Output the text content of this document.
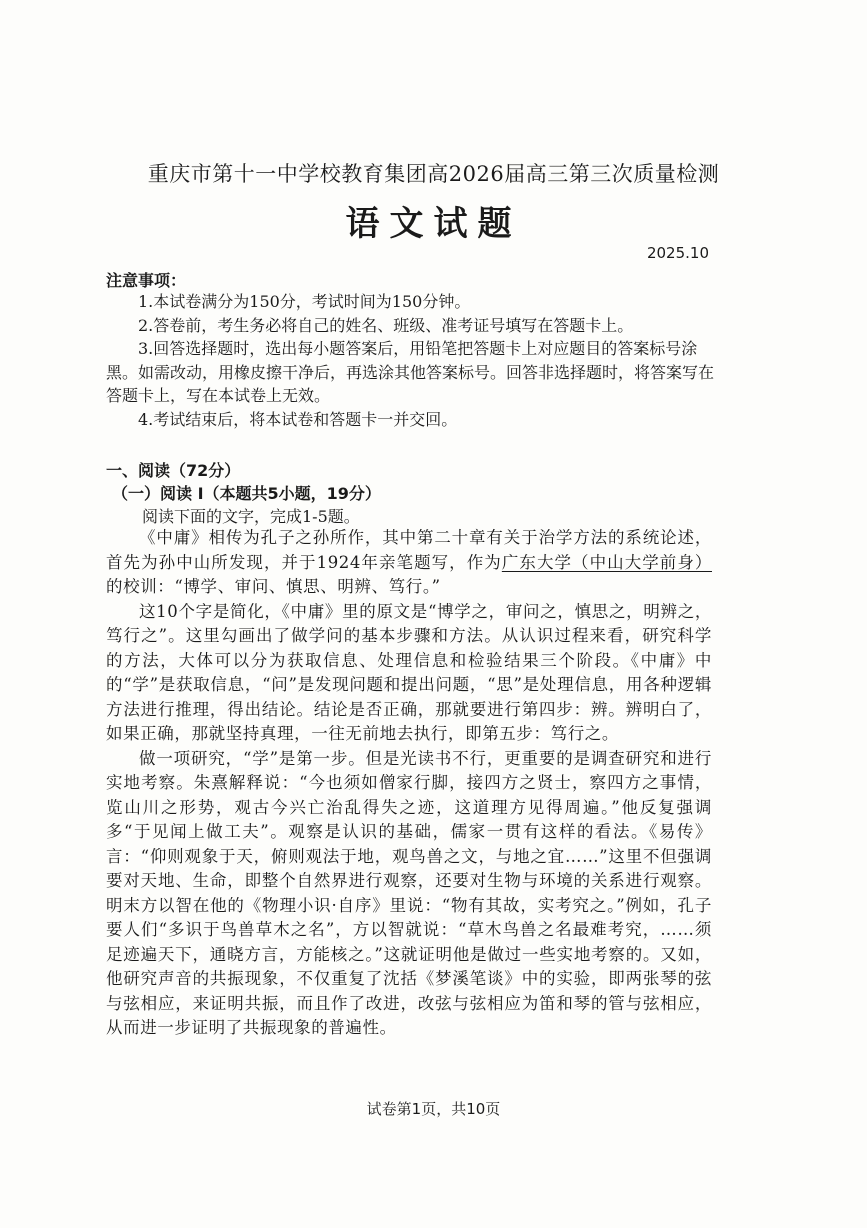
重庆市第十一中学校教育集团高2026届高三第三次质量检测
语文试题
2025.10
注意事项：

1.本试卷满分为150分，考试时间为150分钟。

2.答卷前，考生务必将自己的姓名、班级、准考证号填写在答题卡上。

3.回答选择题时，选出每小题答案后，用铅笔把答题卡上对应题目的答案标号涂黑。如需改动，用橡皮擦干净后，再选涂其他答案标号。回答非选择题时，将答案写在答题卡上，写在本试卷上无效。

4.考试结束后，将本试卷和答题卡一并交回。

一、阅读（72分）
（一）阅读 I（本题共5小题，19分）
阅读下面的文字，完成1-5题。

《中庸》相传为孔子之孙所作，其中第二十章有关于治学方法的系统论述，首先为孙中山所发现，并于1924年亲笔题写，作为广东大学（中山大学前身）的校训：“博学、审问、慎思、明辨、笃行。”

这10个字是简化，《中庸》里的原文是“博学之，审问之，慎思之，明辨之，笃行之”。这里勾画出了做学问的基本步骤和方法。从认识过程来看，研究科学的方法，大体可以分为获取信息、处理信息和检验结果三个阶段。《中庸》中的“学”是获取信息，“问”是发现问题和提出问题，“思”是处理信息，用各种逻辑方法进行推理，得出结论。结论是否正确，那就要进行第四步：辨。辨明白了，如果正确，那就坚持真理，一往无前地去执行，即第五步：笃行之。

做一项研究，“学”是第一步。但是光读书不行，更重要的是调查研究和进行实地考察。朱熹解释说：“今也须如僧家行脚，接四方之贤士，察四方之事情，览山川之形势，观古今兴亡治乱得失之迹，这道理方见得周遍。”他反复强调多“于见闻上做工夫”。观察是认识的基础，儒家一贯有这样的看法。《易传》言：“仰则观象于天，俯则观法于地，观鸟兽之文，与地之宜……”这里不但强调要对天地、生命，即整个自然界进行观察，还要对生物与环境的关系进行观察。明末方以智在他的《物理小识·自序》里说：“物有其故，实考究之。”例如，孔子要人们“多识于鸟兽草木之名”，方以智就说：“草木鸟兽之名最难考究，……须足迹遍天下，通晓方言，方能核之。”这就证明他是做过一些实地考察的。又如，他研究声音的共振现象，不仅重复了沈括《梦溪笔谈》中的实验，即两张琴的弦与弦相应，来证明共振，而且作了改进，改弦与弦相应为笛和琴的管与弦相应，从而进一步证明了共振现象的普遍性。

试卷第1页，共10页
